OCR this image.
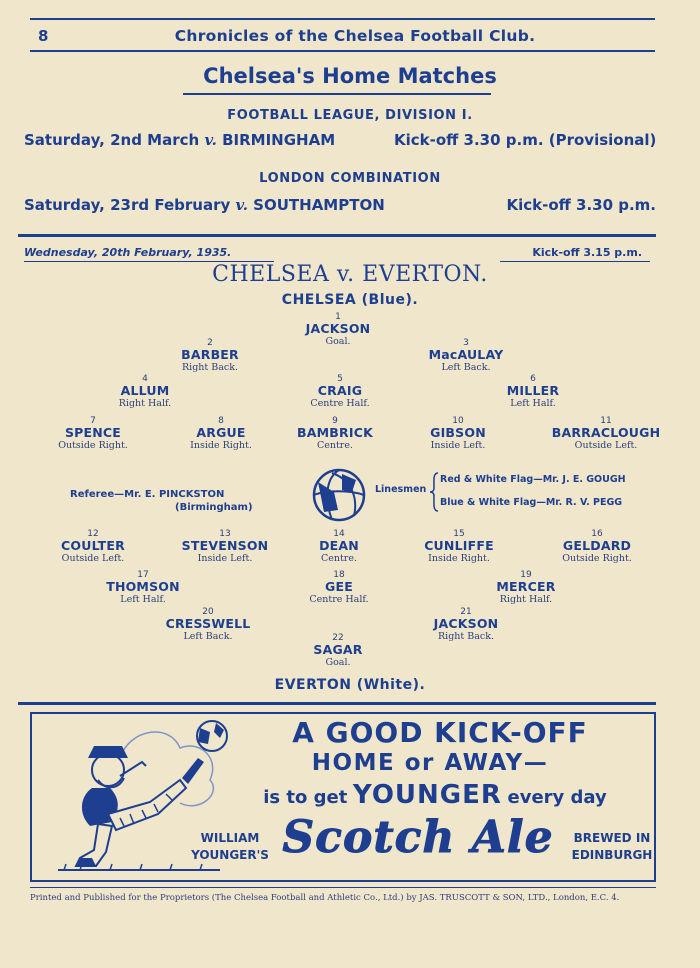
8	Chronicles of the Chelsea Football Club.
Chelsea's Home Matches
FOOTBALL LEAGUE, DIVISION I.
Saturday, 2nd March v. BIRMINGHAM	Kick-off 3.30 p.m. (Provisional)
LONDON COMBINATION
Saturday, 23rd February v. SOUTHAMPTON	Kick-off 3.30 p.m.
Wednesday, 20th February, 1935.	Kick-off 3.15 p.m.
CHELSEA v. EVERTON.
CHELSEA (Blue).
1
JACKSON
Goal.
2
BARBER
Right Back.
3
MacAULAY
Left Back.
4
ALLUM
Right Half.
5
CRAIG
Centre Half.
6
MILLER
Left Half.
7
SPENCE
Outside Right.
8
ARGUE
Inside Right.
9
BAMBRICK
Centre.
10
GIBSON
Inside Left.
11
BARRACLOUGH
Outside Left.
Referee—Mr. E. PINCKSTON
(Birmingham)
Linesmen
Red & White Flag—Mr. J. E. GOUGH
Blue & White Flag—Mr. R. V. PEGG
12
COULTER
Outside Left.
13
STEVENSON
Inside Left.
14
DEAN
Centre.
15
CUNLIFFE
Inside Right.
16
GELDARD
Outside Right.
17
THOMSON
Left Half.
18
GEE
Centre Half.
19
MERCER
Right Half.
20
CRESSWELL
Left Back.
21
JACKSON
Right Back.
22
SAGAR
Goal.
EVERTON (White).
A GOOD KICK-OFF
HOME or AWAY—
is to get YOUNGER every day
WILLIAM YOUNGER'S Scotch Ale	BREWED IN EDINBURGH
Printed and Published for the Proprietors (The Chelsea Football and Athletic Co., Ltd.) by JAS. TRUSCOTT & SON, LTD., London, E.C. 4.
